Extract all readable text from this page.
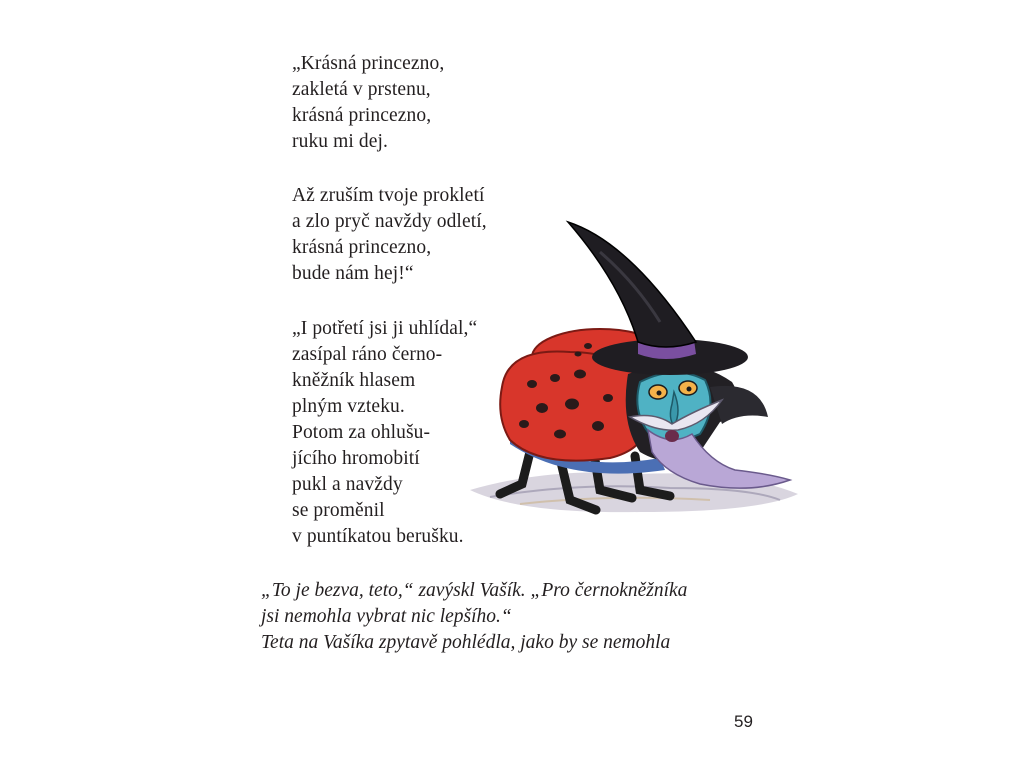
„Krásná princezno,
zakletá v prstenu,
krásná princezno,
ruku mi dej.
Až zruším tvoje prokletí
a zlo pryč navždy odletí,
krásná princezno,
bude nám hej!“
„I potřetí jsi ji uhlídal,“
zasípal ráno černo-
kněžník hlasem
plným vzteku.
Potom za ohlušu-
jícího hromobití
pukl a navždy
se proměnil
v puntíkatou berušku.
„To je bezva, teto,“ zavýskl Vašík. „Pro černokněžníka
jsi nemohla vybrat nic lepšího.“
Teta na Vašíka zpytavě pohlédla, jako by se nemohla
59
